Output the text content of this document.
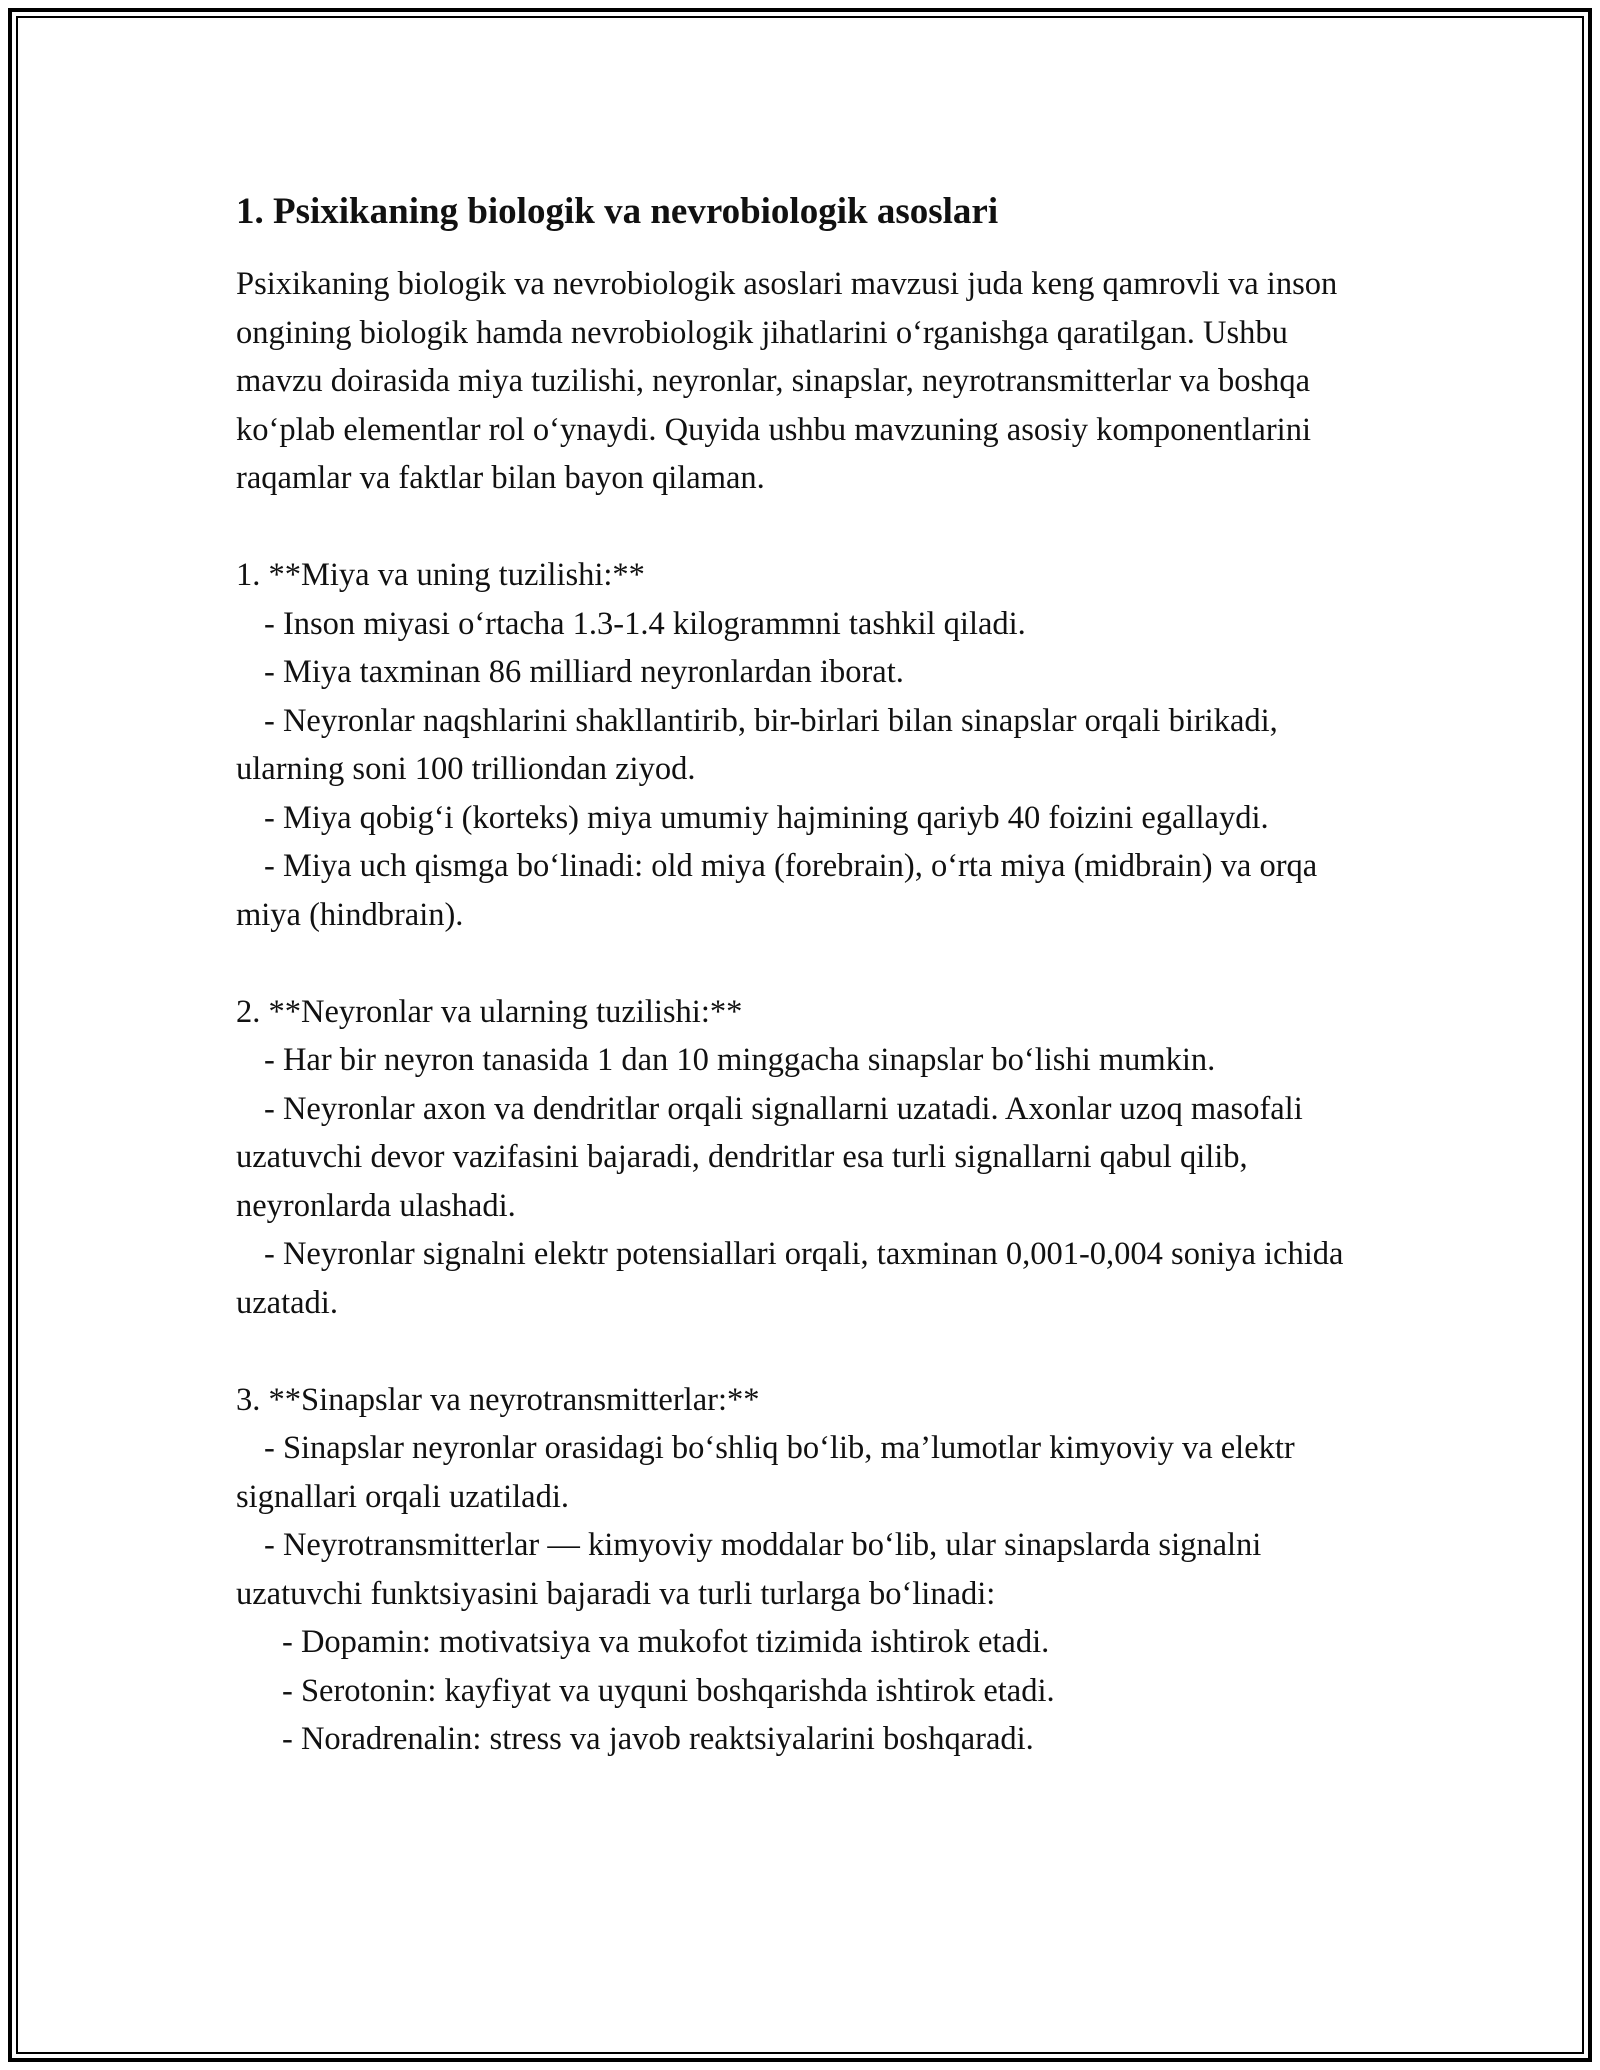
1. Psixikaning biologik va nevrobiologik asoslari

Psixikaning biologik va nevrobiologik asoslari mavzusi juda keng qamrovli va inson ongining biologik hamda nevrobiologik jihatlarini o‘rganishga qaratilgan. Ushbu mavzu doirasida miya tuzilishi, neyronlar, sinapslar, neyrotransmitterlar va boshqa ko‘plab elementlar rol o‘ynaydi. Quyida ushbu mavzuning asosiy komponentlarini raqamlar va faktlar bilan bayon qilaman.

1. **Miya va uning tuzilishi:**

- Inson miyasi o‘rtacha 1.3-1.4 kilogrammni tashkil qiladi.

- Miya taxminan 86 milliard neyronlardan iborat.

- Neyronlar naqshlarini shakllantirib, bir-birlari bilan sinapslar orqali birikadi, ularning soni 100 trilliondan ziyod.

- Miya qobig‘i (korteks) miya umumiy hajmining qariyb 40 foizini egallaydi.

- Miya uch qismga bo‘linadi: old miya (forebrain), o‘rta miya (midbrain) va orqa miya (hindbrain).

2. **Neyronlar va ularning tuzilishi:**

- Har bir neyron tanasida 1 dan 10 minggacha sinapslar bo‘lishi mumkin.

- Neyronlar axon va dendritlar orqali signallarni uzatadi. Axonlar uzoq masofali uzatuvchi devor vazifasini bajaradi, dendritlar esa turli signallarni qabul qilib, neyronlarda ulashadi.

- Neyronlar signalni elektr potensiallari orqali, taxminan 0,001-0,004 soniya ichida uzatadi.

3. **Sinapslar va neyrotransmitterlar:**

- Sinapslar neyronlar orasidagi bo‘shliq bo‘lib, ma’lumotlar kimyoviy va elektr signallari orqali uzatiladi.

- Neyrotransmitterlar — kimyoviy moddalar bo‘lib, ular sinapslarda signalni uzatuvchi funktsiyasini bajaradi va turli turlarga bo‘linadi:

- Dopamin: motivatsiya va mukofot tizimida ishtirok etadi.

- Serotonin: kayfiyat va uyquni boshqarishda ishtirok etadi.

- Noradrenalin: stress va javob reaktsiyalarini boshqaradi.
